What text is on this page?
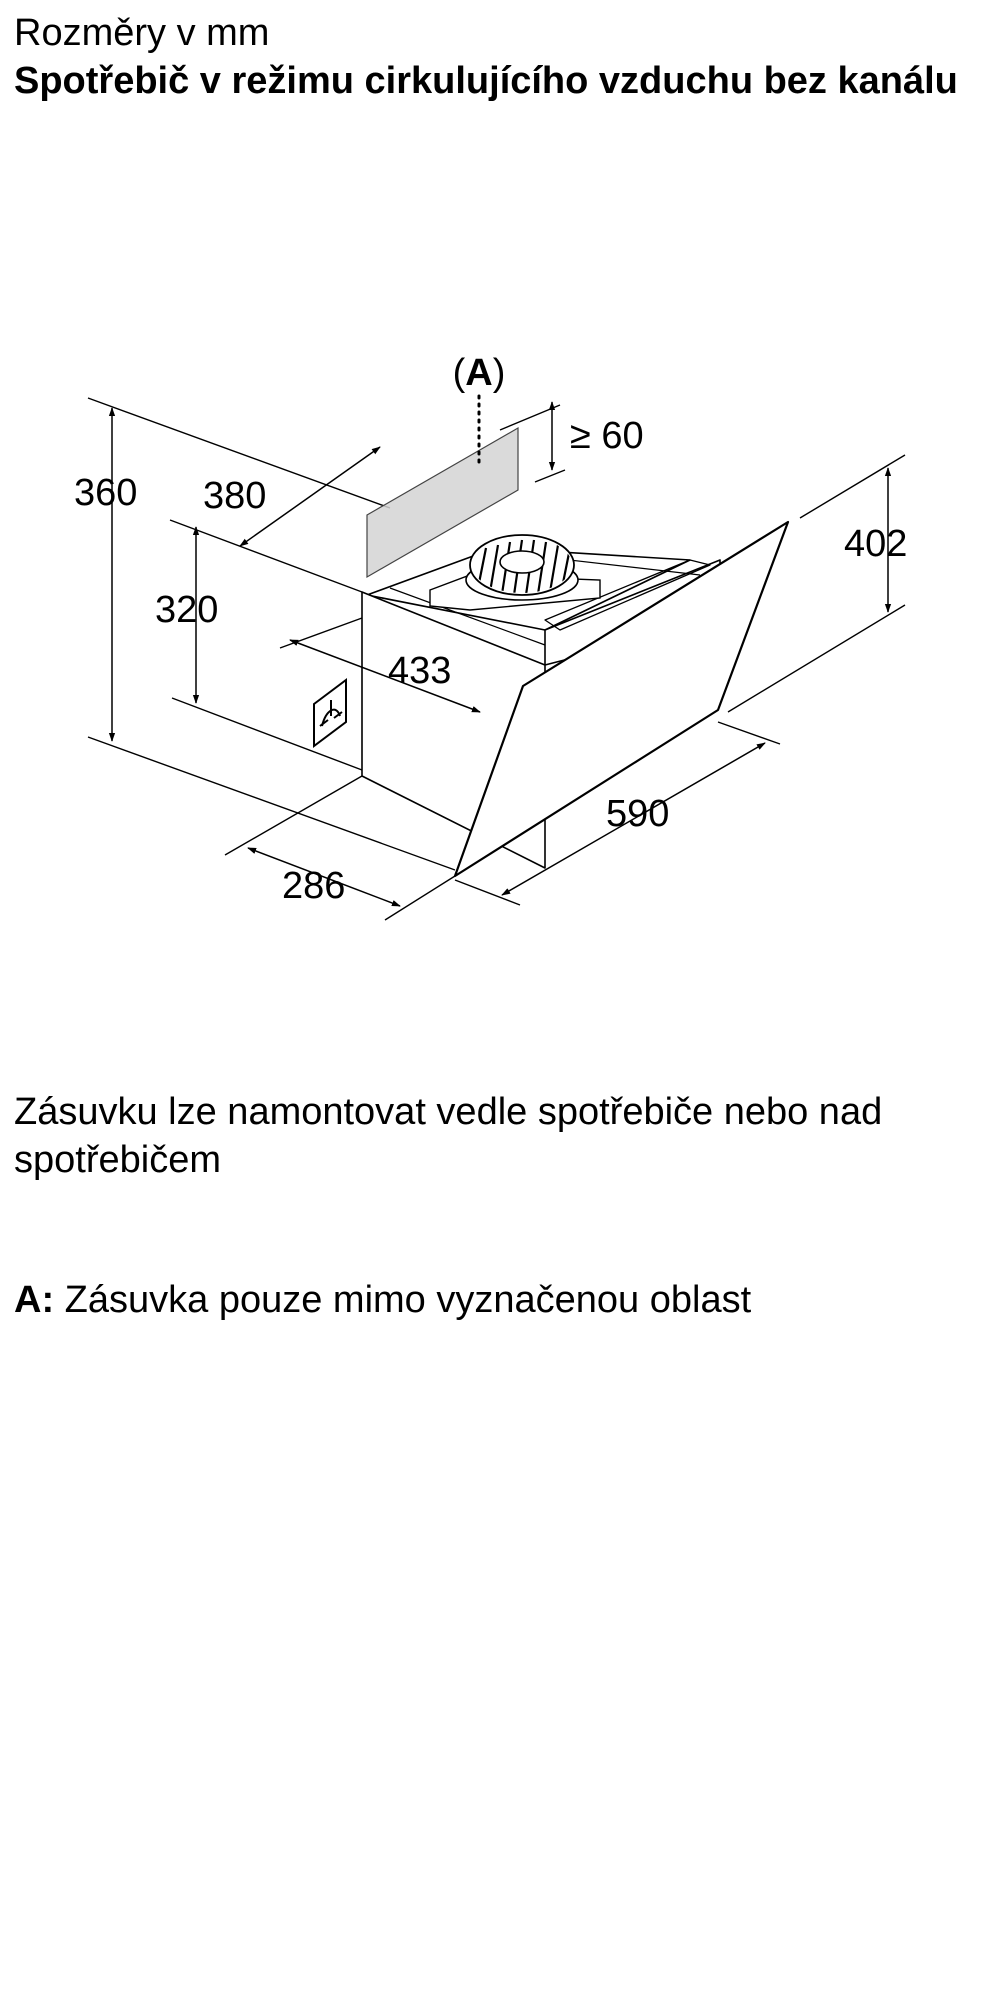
Rozměry v mm
Spotřebič v režimu cirkulujícího vzduchu bez kanálu
(A)
≥ 60
360 380
320
433
402
590
286

Zásuvku lze namontovat vedle spotřebiče nebo nad spotřebičem

A: Zásuvka pouze mimo vyznačenou oblast
